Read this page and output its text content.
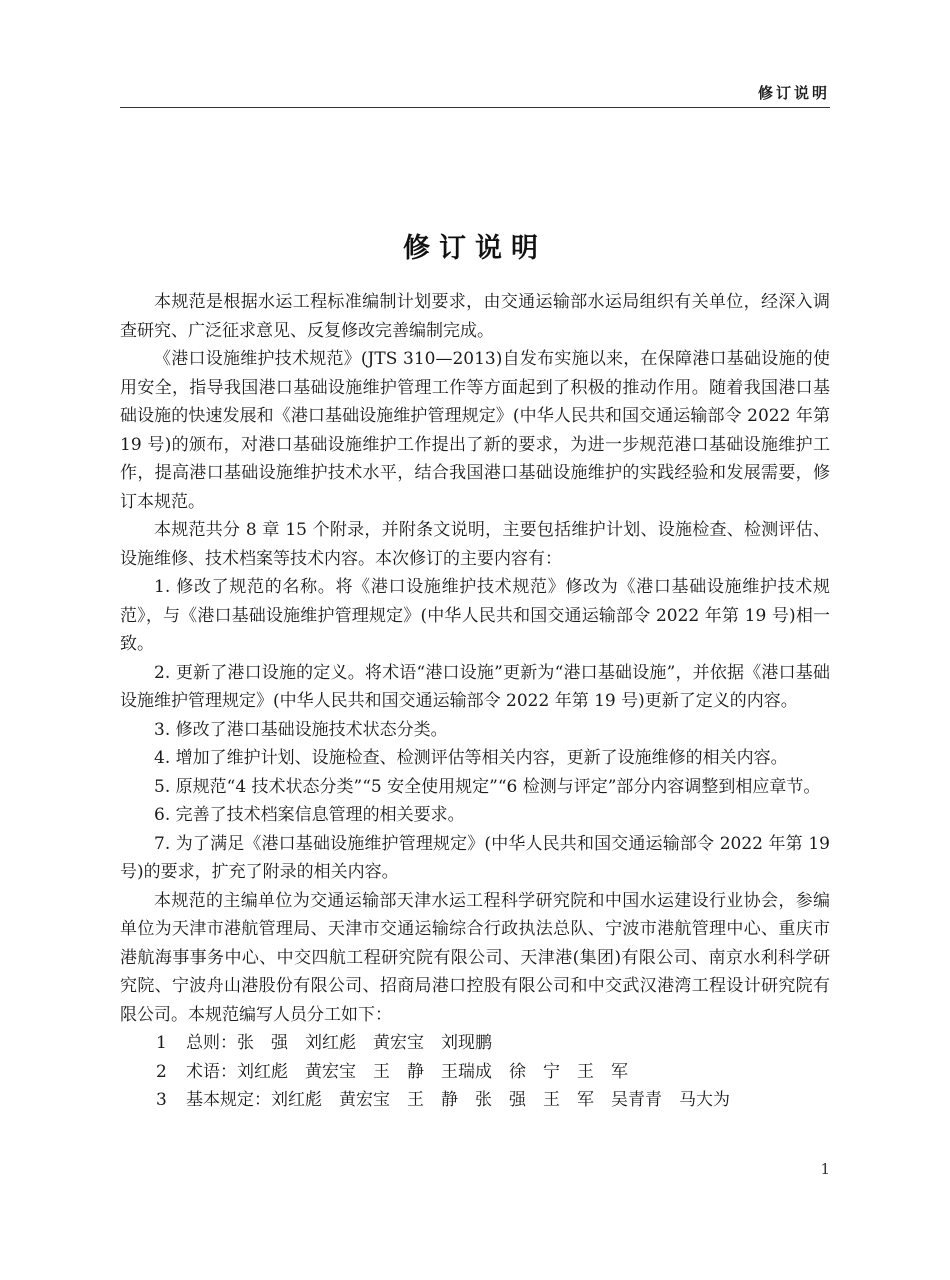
修订说明
修订说明

本规范是根据水运工程标准编制计划要求，由交通运输部水运局组织有关单位，经深入调查研究、广泛征求意见、反复修改完善编制完成。

《港口设施维护技术规范》(JTS 310—2013)自发布实施以来，在保障港口基础设施的使用安全，指导我国港口基础设施维护管理工作等方面起到了积极的推动作用。随着我国港口基础设施的快速发展和《港口基础设施维护管理规定》(中华人民共和国交通运输部令 2022 年第 19 号)的颁布，对港口基础设施维护工作提出了新的要求，为进一步规范港口基础设施维护工作，提高港口基础设施维护技术水平，结合我国港口基础设施维护的实践经验和发展需要，修订本规范。

本规范共分 8 章 15 个附录，并附条文说明，主要包括维护计划、设施检查、检测评估、设施维修、技术档案等技术内容。本次修订的主要内容有：

1. 修改了规范的名称。将《港口设施维护技术规范》修改为《港口基础设施维护技术规范》，与《港口基础设施维护管理规定》(中华人民共和国交通运输部令 2022 年第 19 号)相一致。

2. 更新了港口设施的定义。将术语“港口设施”更新为“港口基础设施”，并依据《港口基础设施维护管理规定》(中华人民共和国交通运输部令 2022 年第 19 号)更新了定义的内容。

3. 修改了港口基础设施技术状态分类。

4. 增加了维护计划、设施检查、检测评估等相关内容，更新了设施维修的相关内容。

5. 原规范“4 技术状态分类”“5 安全使用规定”“6 检测与评定”部分内容调整到相应章节。

6. 完善了技术档案信息管理的相关要求。

7. 为了满足《港口基础设施维护管理规定》(中华人民共和国交通运输部令 2022 年第 19 号)的要求，扩充了附录的相关内容。

本规范的主编单位为交通运输部天津水运工程科学研究院和中国水运建设行业协会，参编单位为天津市港航管理局、天津市交通运输综合行政执法总队、宁波市港航管理中心、重庆市港航海事事务中心、中交四航工程研究院有限公司、天津港(集团)有限公司、南京水利科学研究院、宁波舟山港股份有限公司、招商局港口控股有限公司和中交武汉港湾工程设计研究院有限公司。本规范编写人员分工如下：

1	总则：张　强　刘红彪　黄宏宝　刘现鹏
2	术语：刘红彪　黄宏宝　王　静　王瑞成　徐　宁　王　军
3	基本规定：刘红彪　黄宏宝　王　静　张　强　王　军　吴青青　马大为
1
